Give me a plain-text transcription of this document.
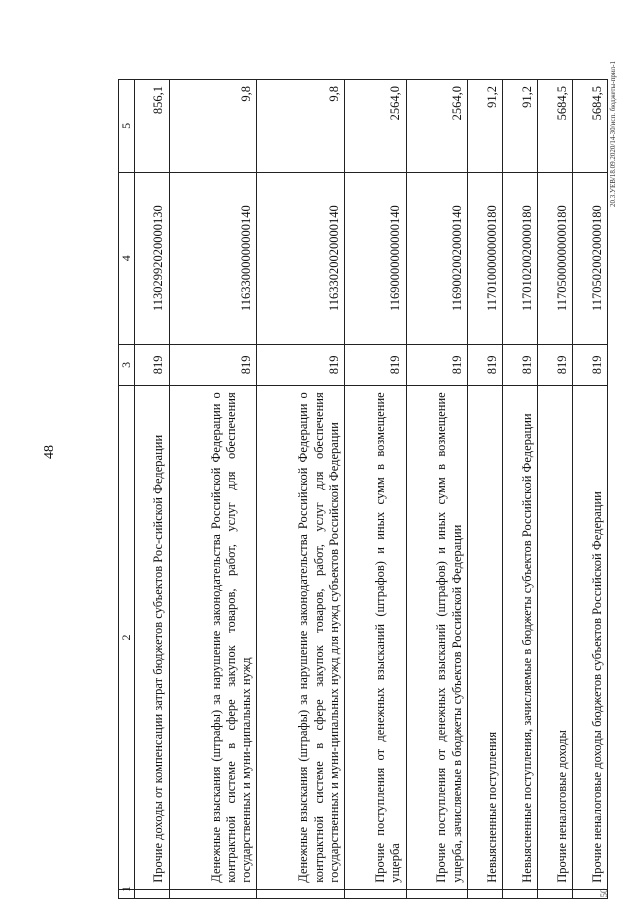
48
20.3.УЕВ/18.09.2020/14-30/исп. бюджеты-прил-1
50
1	2	3	4	5
	Прочие доходы от компенсации затрат бюджетов субъектов Рос-сийской Федерации	819	11302992020000130	856,1
	Денежные взыскания (штрафы) за нарушение законодательства Российской Федерации о контрактной системе в сфере закупок товаров, работ, услуг для обеспечения государственных и муни-ципальных нужд	819	11633000000000140	9,8
	Денежные взыскания (штрафы) за нарушение законодательства Российской Федерации о контрактной системе в сфере закупок товаров, работ, услуг для обеспечения государственных и муни-ципальных нужд для нужд субъектов Российской Федерации	819	11633020020000140	9,8
	Прочие поступления от денежных взысканий (штрафов) и иных сумм в возмещение ущерба	819	11690000000000140	2564,0
	Прочие поступления от денежных взысканий (штрафов) и иных сумм в возмещение ущерба, зачисляемые в бюджеты субъектов Российской Федерации	819	11690020020000140	2564,0
	Невыясненные поступления	819	11701000000000180	91,2
	Невыясненные поступления, зачисляемые в бюджеты субъектов Российской Федерации	819	11701020020000180	91,2
	Прочие неналоговые доходы	819	11705000000000180	5684,5
	Прочие неналоговые доходы бюджетов субъектов Российской Федерации	819	11705020020000180	5684,5
